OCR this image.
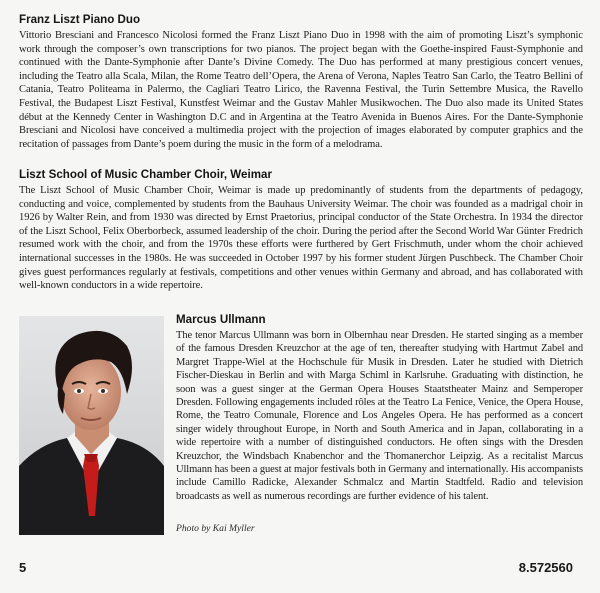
Franz Liszt Piano Duo

Vittorio Bresciani and Francesco Nicolosi formed the Franz Liszt Piano Duo in 1998 with the aim of promoting Liszt’s symphonic work through the composer’s own transcriptions for two pianos. The project began with the Goethe-inspired Faust-Symphonie and continued with the Dante-Symphonie after Dante’s Divine Comedy. The Duo has performed at many prestigious concert venues, including the Teatro alla Scala, Milan, the Rome Teatro dell’Opera, the Arena of Verona, Naples Teatro San Carlo, the Teatro Bellini of Catania, Teatro Politeama in Palermo, the Cagliari Teatro Lirico, the Ravenna Festival, the Turin Settembre Musica, the Ravello Festival, the Budapest Liszt Festival, Kunstfest Weimar and the Gustav Mahler Musikwochen. The Duo also made its United States début at the Kennedy Center in Washington D.C and in Argentina at the Teatro Avenida in Buenos Aires. For the Dante-Symphonie Bresciani and Nicolosi have conceived a multimedia project with the projection of images elaborated by computer graphics and the recitation of passages from Dante’s poem during the music in the form of a melodrama.

Liszt School of Music Chamber Choir, Weimar

The Liszt School of Music Chamber Choir, Weimar is made up predominantly of students from the departments of pedagogy, conducting and voice, complemented by students from the Bauhaus University Weimar. The choir was founded as a madrigal choir in 1926 by Walter Rein, and from 1930 was directed by Ernst Praetorius, principal conductor of the State Orchestra. In 1934 the director of the Liszt School, Felix Oberborbeck, assumed leadership of the choir. During the period after the Second World War Günter Fredrich resumed work with the choir, and from the 1970s these efforts were furthered by Gert Frischmuth, under whom the choir achieved international successes in the 1980s. He was succeeded in October 1997 by his former student Jürgen Puschbeck. The Chamber Choir gives guest performances regularly at festivals, competitions and other venues within Germany and abroad, and has collaborated with well-known conductors in a wide repertoire.

Marcus Ullmann

The tenor Marcus Ullmann was born in Olbernhau near Dresden. He started singing as a member of the famous Dresden Kreuzchor at the age of ten, thereafter studying with Hartmut Zabel and Margret Trappe-Wiel at the Hochschule für Musik in Dresden. Later he studied with Dietrich Fischer-Dieskau in Berlin and with Marga Schiml in Karlsruhe. Graduating with distinction, he soon was a guest singer at the German Opera Houses Staatstheater Mainz and Semperoper Dresden. Following engagements included rôles at the Teatro La Fenice, Venice, the Opera House, Rome, the Teatro Comunale, Florence and Los Angeles Opera. He has performed as a concert singer widely throughout Europe, in North and South America and in Japan, collaborating in a wide repertoire with a number of distinguished conductors. He often sings with the Dresden Kreuzchor, the Windsbach Knabenchor and the Thomanerchor Leipzig. As a recitalist Marcus Ullmann has been a guest at major festivals both in Germany and internationally. His accompanists include Camillo Radicke, Alexander Schmalcz and Martin Stadtfeld. Radio and television broadcasts as well as numerous recordings are further evidence of his talent.

Photo by Kai Myller
5	8.572560
